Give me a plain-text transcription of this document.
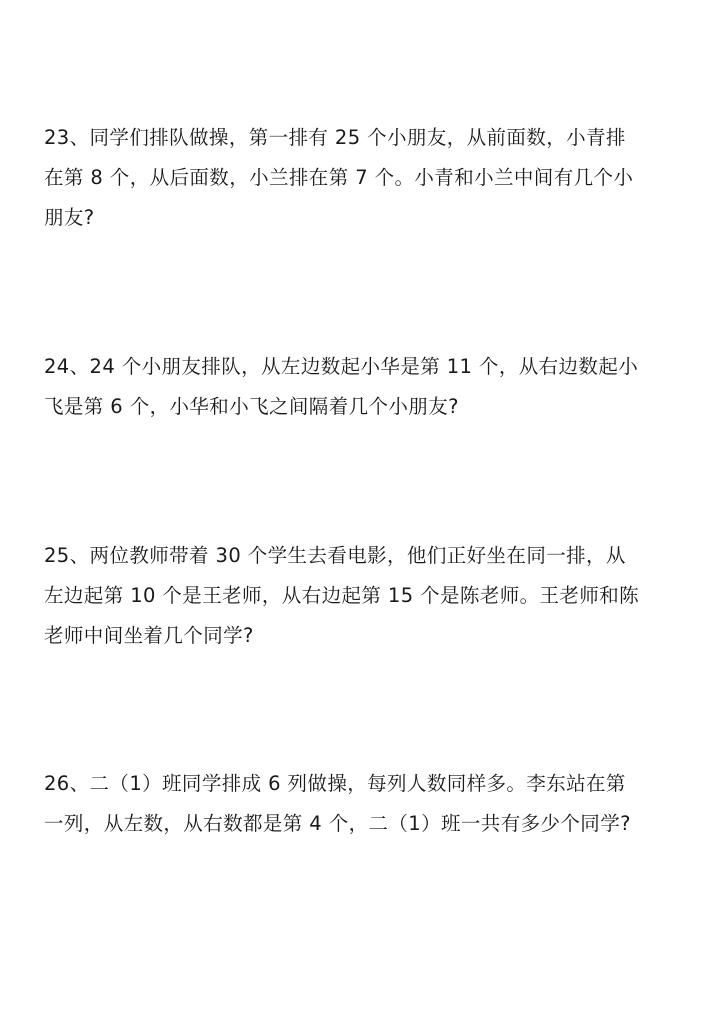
23、同学们排队做操，第一排有 25 个小朋友，从前面数，小青排
在第 8 个，从后面数，小兰排在第 7 个。小青和小兰中间有几个小
朋友?
24、24 个小朋友排队，从左边数起小华是第 11 个，从右边数起小
飞是第 6 个，小华和小飞之间隔着几个小朋友?
25、两位教师带着 30 个学生去看电影，他们正好坐在同一排，从
左边起第 10 个是王老师，从右边起第 15 个是陈老师。王老师和陈
老师中间坐着几个同学?
26、二（1）班同学排成 6 列做操，每列人数同样多。李东站在第
一列，从左数，从右数都是第 4 个，二（1）班一共有多少个同学?
